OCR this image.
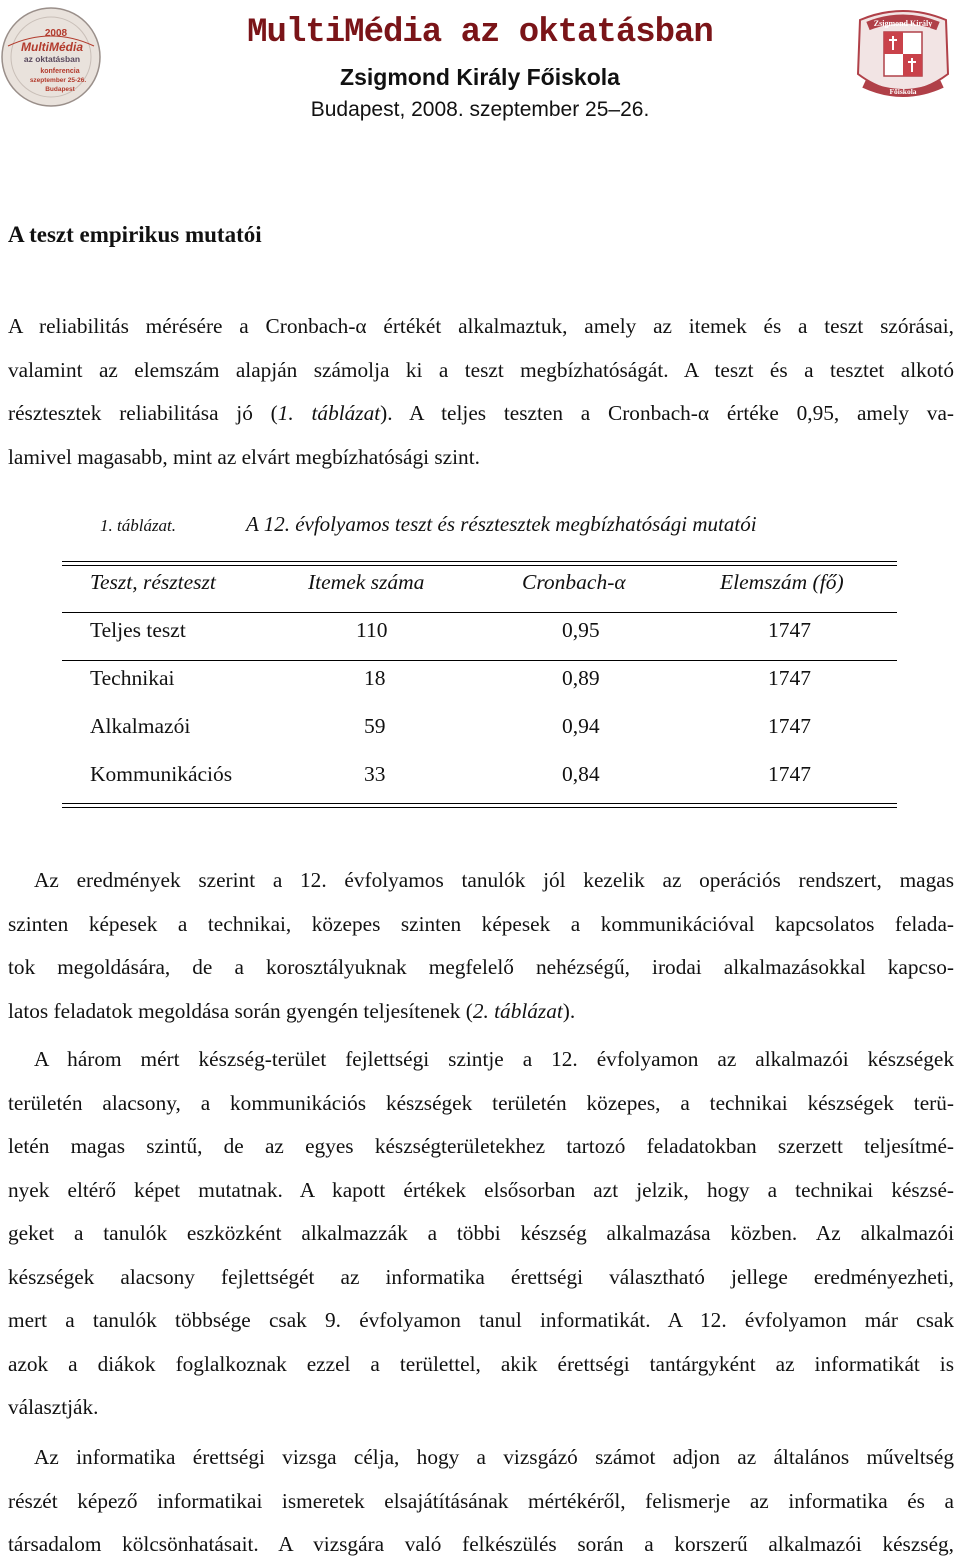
2008
MultiMédia
az oktatásban
konferencia
szeptember 25-26.
Budapest
Zsigmond Király
Főiskola
MultiMédia az oktatásban
Zsigmond Király Főiskola
Budapest, 2008. szeptember 25–26.
A teszt empirikus mutatói
A reliabilitás mérésére a Cronbach-α értékét alkalmaztuk, amely az itemek és a teszt szórásai,
valamint az elemszám alapján számolja ki a teszt megbízhatóságát. A teszt és a tesztet alkotó
résztesztek reliabilitása jó (1. táblázat). A teljes teszten a Cronbach-α értéke 0,95, amely va-
lamivel magasabb, mint az elvárt megbízhatósági szint.
1. táblázat.	A 12. évfolyamos teszt és résztesztek megbízhatósági mutatói
Teszt, részteszt	Itemek száma	Cronbach-α	Elemszám (fő)
Teljes teszt	110	0,95	1747
Technikai	18	0,89	1747
Alkalmazói	59	0,94	1747
Kommunikációs	33	0,84	1747
Az eredmények szerint a 12. évfolyamos tanulók jól kezelik az operációs rendszert, magas
szinten képesek a technikai, közepes szinten képesek a kommunikációval kapcsolatos felada-
tok megoldására, de a korosztályuknak megfelelő nehézségű, irodai alkalmazásokkal kapcso-
latos feladatok megoldása során gyengén teljesítenek (2. táblázat).
A három mért készség-terület fejlettségi szintje a 12. évfolyamon az alkalmazói készségek
területén alacsony, a kommunikációs készségek területén közepes, a technikai készségek terü-
letén magas szintű, de az egyes készségterületekhez tartozó feladatokban szerzett teljesítmé-
nyek eltérő képet mutatnak. A kapott értékek elsősorban azt jelzik, hogy a technikai készsé-
geket a tanulók eszközként alkalmazzák a többi készség alkalmazása közben. Az alkalmazói
készségek alacsony fejlettségét az informatika érettségi választható jellege eredményezheti,
mert a tanulók többsége csak 9. évfolyamon tanul informatikát. A 12. évfolyamon már csak
azok a diákok foglalkoznak ezzel a területtel, akik érettségi tantárgyként az informatikát is
választják.
Az informatika érettségi vizsga célja, hogy a vizsgázó számot adjon az általános műveltség
részét képező informatikai ismeretek elsajátításának mértékéről, felismerje az informatika és a
társadalom kölcsönhatásait. A vizsgára való felkészülés során a korszerű alkalmazói készség,
